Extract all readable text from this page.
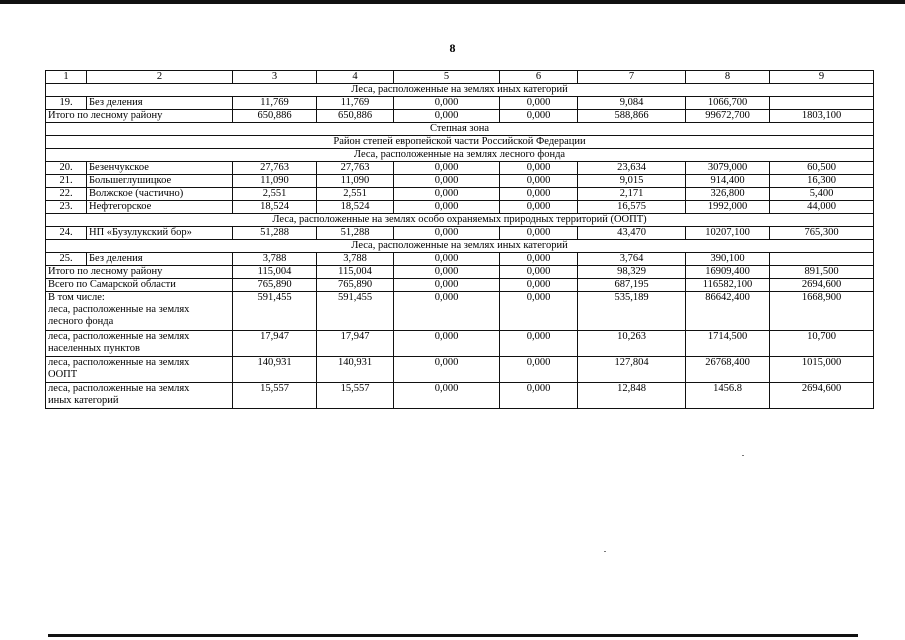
8
1	2	3	4	5	6	7	8	9
Леса, расположенные на землях иных категорий								
19.	Без деления	11,769	11,769	0,000	0,000	9,084	1066,700	
Итого по лесному району		650,886	650,886	0,000	0,000	588,866	99672,700	1803,100
Степная зона								
Район степей европейской части Российской Федерации								
Леса, расположенные на землях лесного фонда								
20.	Безенчукское	27,763	27,763	0,000	0,000	23,634	3079,000	60,500
21.	Большеглушицкое	11,090	11,090	0,000	0,000	9,015	914,400	16,300
22.	Волжское (частично)	2,551	2,551	0,000	0,000	2,171	326,800	5,400
23.	Нефтегорское	18,524	18,524	0,000	0,000	16,575	1992,000	44,000
Леса, расположенные на землях особо охраняемых природных территорий (ООПТ)								
24.	НП «Бузулукский бор»	51,288	51,288	0,000	0,000	43,470	10207,100	765,300
Леса, расположенные на землях иных категорий								
25.	Без деления	3,788	3,788	0,000	0,000	3,764	390,100	
Итого по лесному району		115,004	115,004	0,000	0,000	98,329	16909,400	891,500
Всего по Самарской области		765,890	765,890	0,000	0,000	687,195	116582,100	2694,600

В том числе:
леса, расположенные на землях
лесного фонда		591,455	591,455	0,000	0,000	535,189	86642,400	1668,900

леса, расположенные на землях
населенных пунктов		17,947	17,947	0,000	0,000	10,263	1714,500	10,700

леса, расположенные на землях
ООПТ		140,931	140,931	0,000	0,000	127,804	26768,400	1015,000

леса, расположенные на землях
иных категорий		15,557	15,557	0,000	0,000	12,848	1456.8	2694,600
